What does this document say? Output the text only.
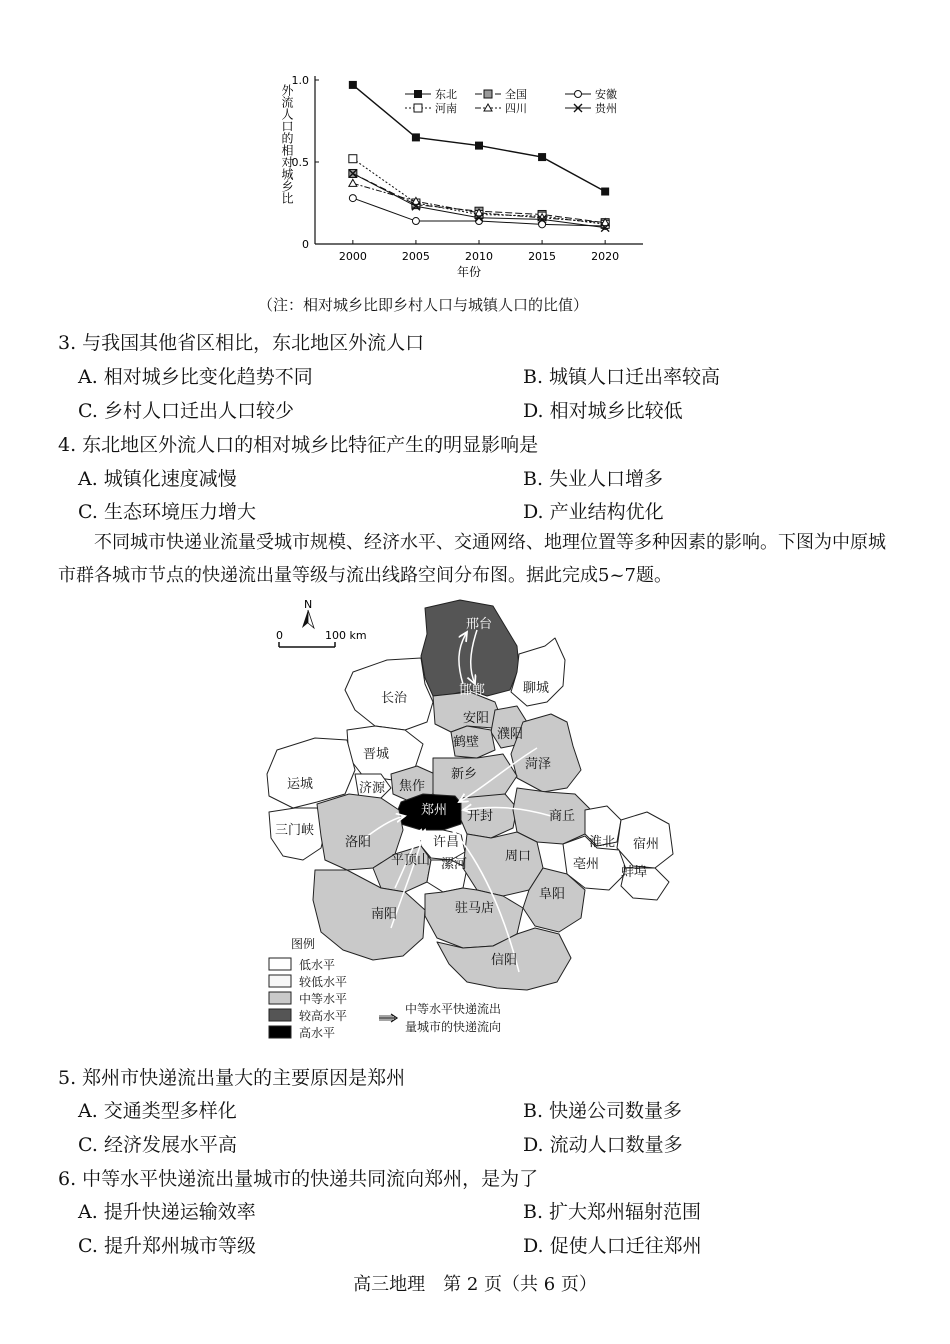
0
0.5
1.0
2000	2005	2010	2015	2020
年份
外流人口的相对城乡比	东北	全国	安徽
河南	四川	贵州
（注：相对城乡比即乡村人口与城镇人口的比值）
3. 与我国其他省区相比，东北地区外流人口
A. 相对城乡比变化趋势不同	B. 城镇人口迁出率较高
C. 乡村人口迁出人口较少	D. 相对城乡比较低
4. 东北地区外流人口的相对城乡比特征产生的明显影响是
A. 城镇化速度减慢	B. 失业人口增多
C. 生态环境压力增大	D. 产业结构优化
不同城市快递业流量受城市规模、经济水平、交通网络、地理位置等多种因素的影响。下图为中原城市群各城市节点的快递流出量等级与流出线路空间分布图。据此完成5~7题。
N
0	100 km
邢台
邯郸	聊城
长治
安阳
鹤壁
濮阳
晋城
菏泽
运城	济源 焦作
新乡
郑州 开封	商丘
三门峡
洛阳	许昌	淮北 宿州
平顶山 漯河
周口
亳州
蚌埠
阜阳
南阳	驻马店
信阳
图例
低水平
较低水平
中等水平
较高水平
高水平
中等水平快递流出
量城市的快递流向
5. 郑州市快递流出量大的主要原因是郑州
A. 交通类型多样化	B. 快递公司数量多
C. 经济发展水平高	D. 流动人口数量多
6. 中等水平快递流出量城市的快递共同流向郑州，是为了
A. 提升快递运输效率	B. 扩大郑州辐射范围
C. 提升郑州城市等级	D. 促使人口迁往郑州
高三地理　第 2 页（共 6 页）
